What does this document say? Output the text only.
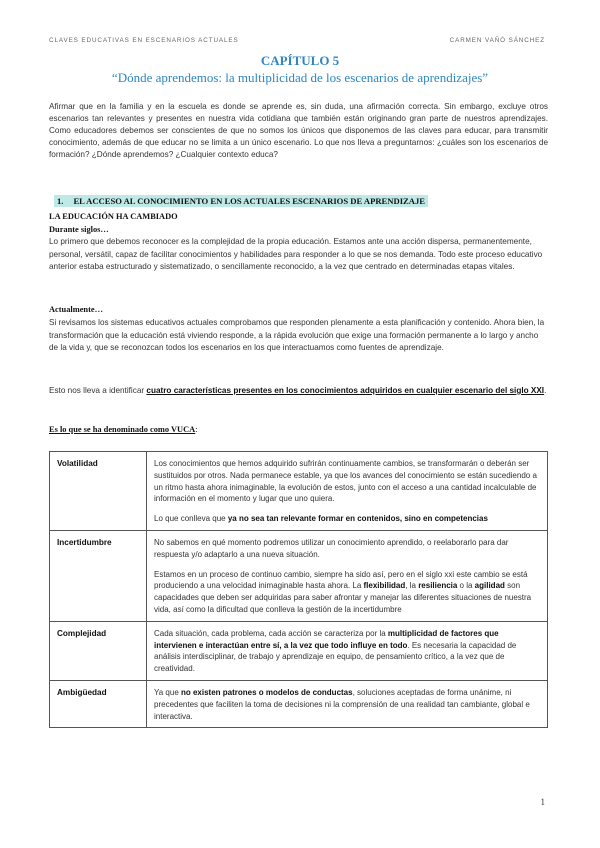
CLAVES EDUCATIVAS EN ESCENARIOS ACTUALES	CARMEN VAÑÓ SÁNCHEZ
CAPÍTULO 5
“Dónde aprendemos: la multiplicidad de los escenarios de aprendizajes”
Afirmar que en la familia y en la escuela es donde se aprende es, sin duda, una afirmación correcta. Sin embargo, excluye otros escenarios tan relevantes y presentes en nuestra vida cotidiana que también están originando gran parte de nuestros aprendizajes. Como educadores debemos ser conscientes de que no somos los únicos que disponemos de las claves para educar, para transmitir conocimiento, además de que educar no se limita a un único escenario. Lo que nos lleva a preguntarnos: ¿cuáles son los escenarios de formación? ¿Dónde aprendemos? ¿Cualquier contexto educa?
1. EL ACCESO AL CONOCIMIENTO EN LOS ACTUALES ESCENARIOS DE APRENDIZAJE
LA EDUCACIÓN HA CAMBIADO
Durante siglos…
Lo primero que debemos reconocer es la complejidad de la propia educación. Estamos ante una acción dispersa, permanentemente, personal, versátil, capaz de facilitar conocimientos y habilidades para responder a lo que se nos demanda. Todo este proceso educativo anterior estaba estructurado y sistematizado, o sencillamente reconocido, a la vez que centrado en determinadas etapas vitales.
Actualmente…
Si revisamos los sistemas educativos actuales comprobamos que responden plenamente a esta planificación y contenido. Ahora bien, la transformación que la educación está viviendo responde, a la rápida evolución que exige una formación permanente a lo largo y ancho de la vida y, que se reconozcan todos los escenarios en los que interactuamos como fuentes de aprendizaje.
Esto nos lleva a identificar cuatro características presentes en los conocimientos adquiridos en cualquier escenario del siglo XXI.
Es lo que se ha denominado como VUCA:
Volatilidad	Los conocimientos que hemos adquirido sufrirán continuamente cambios, se transformarán o deberán ser sustituidos por otros. Nada permanece estable, ya que los avances del conocimiento se están sucediendo a un ritmo hasta ahora inimaginable, la evolución de estos, junto con el acceso a una cantidad incalculable de información en el momento y lugar que uno quiera.

Lo que conlleva que ya no sea tan relevante formar en contenidos, sino en competencias

Incertidumbre	No sabemos en qué momento podremos utilizar un conocimiento aprendido, o reelaborarlo para dar respuesta y/o adaptarlo a una nueva situación.

Estamos en un proceso de continuo cambio, siempre ha sido así, pero en el siglo xxi este cambio se está produciendo a una velocidad inimaginable hasta ahora. La flexibilidad, la resiliencia o la agilidad son capacidades que deben ser adquiridas para saber afrontar y manejar las diferentes situaciones de nuestra vida, así como la dificultad que conlleva la gestión de la incertidumbre

Complejidad	Cada situación, cada problema, cada acción se caracteriza por la multiplicidad de factores que intervienen e interactúan entre sí, a la vez que todo influye en todo. Es necesaria la capacidad de análisis interdisciplinar, de trabajo y aprendizaje en equipo, de pensamiento crítico, a la vez que de creatividad.

Ambigüedad	Ya que no existen patrones o modelos de conductas, soluciones aceptadas de forma unánime, ni precedentes que faciliten la toma de decisiones ni la comprensión de una realidad tan cambiante, global e interactiva.

1
